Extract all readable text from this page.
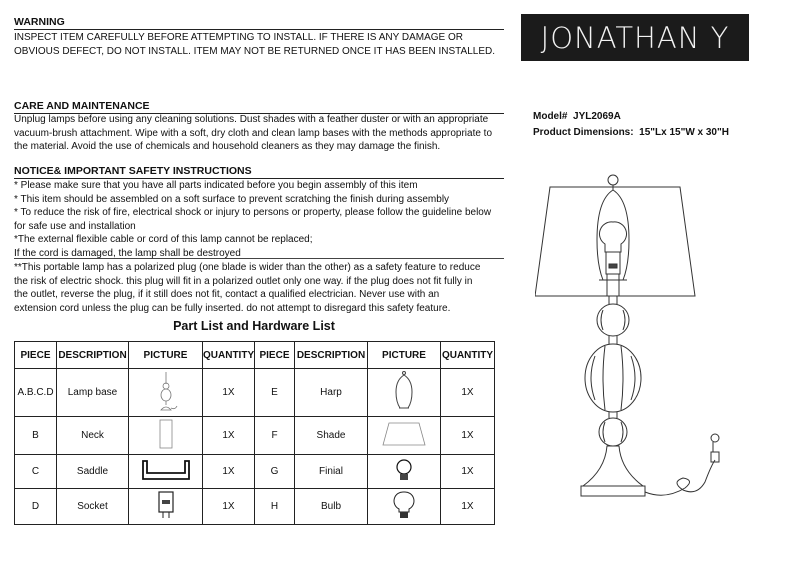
WARNING
INSPECT ITEM CAREFULLY BEFORE ATTEMPTING TO INSTALL. IF THERE IS ANY DAMAGE OR
OBVIOUS DEFECT, DO NOT INSTALL. ITEM MAY NOT BE RETURNED ONCE IT HAS BEEN INSTALLED.	JONATHAN Y
CARE AND MAINTENANCE
Unplug lamps before using any cleaning solutions. Dust shades with a feather duster or with an appropriate
vacuum-brush attachment. Wipe with a soft, dry cloth and clean lamp bases with the methods appropriate to
the material. Avoid the use of chemicals and household cleaners as they may damage the finish.
Model# JYL2069A
Product Dimensions: 15"Lx 15"W x 30"H
NOTICE& IMPORTANT SAFETY INSTRUCTIONS
* Please make sure that you have all parts indicated before you begin assembly of this item
* This item should be assembled on a soft surface to prevent scratching the finish during assembly
* To reduce the risk of fire, electrical shock or injury to persons or property, please follow the guideline below
for safe use and installation
*The external flexible cable or cord of this lamp cannot be replaced;
If the cord is damaged, the lamp shall be destroyed
**This portable lamp has a polarized plug (one blade is wider than the other) as a safety feature to reduce
the risk of electric shock. this plug will fit in a polarized outlet only one way. if the plug does not fit fully in
the outlet, reverse the plug, if it still does not fit, contact a qualified electrician. Never use with an
extension cord unless the plug can be fully inserted. do not attempt to disregard this safety feature.
Part List and Hardware List
PIECE	DESCRIPTION	PICTURE	QUANTITY	PIECE	DESCRIPTION	PICTURE	QUANTITY
A.B.C.D	Lamp base		1X	E	Harp		1X
B	Neck		1X	F	Shade		1X
C	Saddle		1X	G	Finial		1X
D	Socket		1X	H	Bulb		1X
